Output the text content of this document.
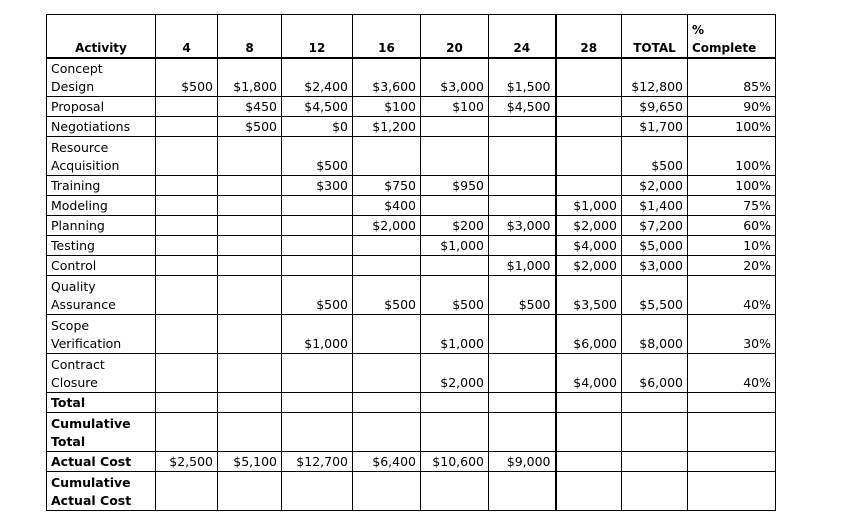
Activity	4	8	12	16	20	24	28	TOTAL	%
Complete

Concept
Design	$500	$1,800	$2,400	$3,600	$3,000	$1,500		$12,800	85%

Proposal		$450	$4,500	$100	$100	$4,500		$9,650	90%

Negotiations		$500	$0	$1,200				$1,700	100%

Resource
Acquisition			$500					$500	100%

Training			$300	$750	$950			$2,000	100%

Modeling				$400			$1,000	$1,400	75%

Planning				$2,000	$200	$3,000	$2,000	$7,200	60%

Testing					$1,000		$4,000	$5,000	10%

Control						$1,000	$2,000	$3,000	20%

Quality
Assurance			$500	$500	$500	$500	$3,500	$5,500	40%

Scope
Verification			$1,000		$1,000		$6,000	$8,000	30%

Contract
Closure					$2,000		$4,000	$6,000	40%

Total									

Cumulative
Total									

Actual Cost	$2,500	$5,100	$12,700	$6,400	$10,600	$9,000			

Cumulative
Actual Cost									
